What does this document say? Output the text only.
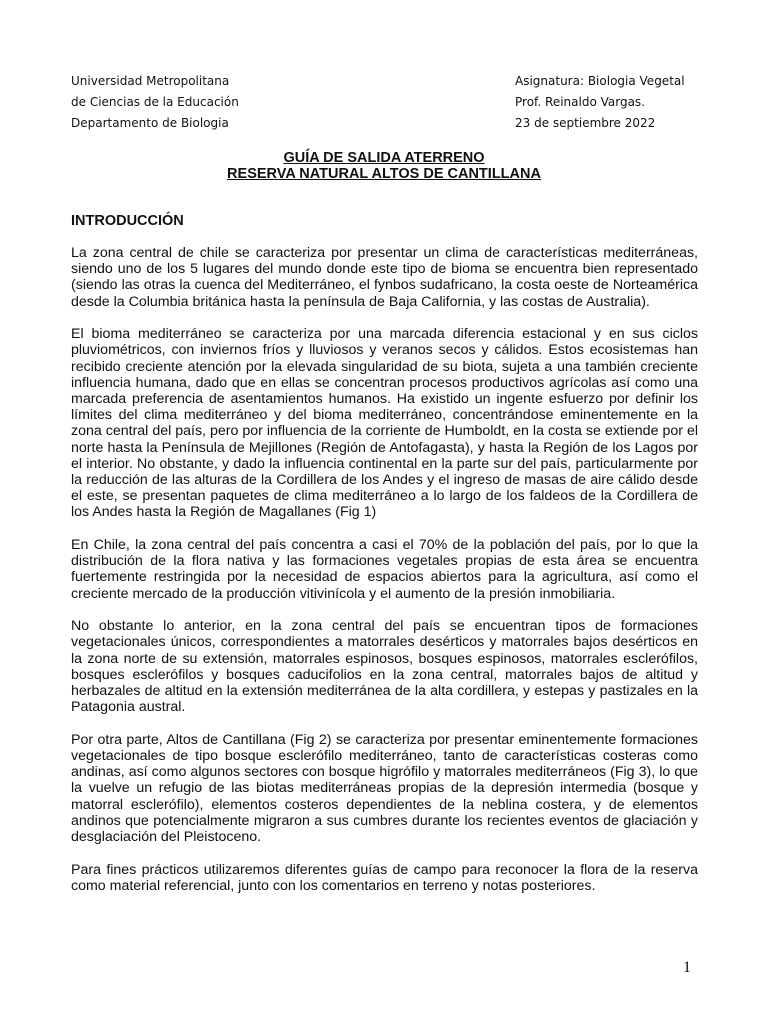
Universidad Metropolitana
de Ciencias de la Educación
Departamento de Biologia
Asignatura: Biologia Vegetal
Prof. Reinaldo Vargas.
23 de septiembre 2022
GUÍA DE SALIDA ATERRENO
RESERVA NATURAL ALTOS DE CANTILLANA
INTRODUCCIÓN

La zona central de chile se caracteriza por presentar un clima de características mediterráneas, siendo uno de los 5 lugares del mundo donde este tipo de bioma se encuentra bien representado (siendo las otras la cuenca del Mediterráneo, el fynbos sudafricano, la costa oeste de Norteamérica desde la Columbia británica hasta la península de Baja California, y las costas de Australia).

El bioma mediterráneo se caracteriza por una marcada diferencia estacional y en sus ciclos pluviométricos, con inviernos fríos y lluviosos y veranos secos y cálidos. Estos ecosistemas han recibido creciente atención por la elevada singularidad de su biota, sujeta a una también creciente influencia humana, dado que en ellas se concentran procesos productivos agrícolas así como una marcada preferencia de asentamientos humanos. Ha existido un ingente esfuerzo por definir los límites del clima mediterráneo y del bioma mediterráneo, concentrándose eminentemente en la zona central del país, pero por influencia de la corriente de Humboldt, en la costa se extiende por el norte hasta la Península de Mejillones (Región de Antofagasta), y hasta la Región de los Lagos por el interior. No obstante, y dado la influencia continental en la parte sur del país, particularmente por la reducción de las alturas de la Cordillera de los Andes y el ingreso de masas de aire cálido desde el este, se presentan paquetes de clima mediterráneo a lo largo de los faldeos de la Cordillera de los Andes hasta la Región de Magallanes (Fig 1)

En Chile, la zona central del país concentra a casi el 70% de la población del país, por lo que la distribución de la flora nativa y las formaciones vegetales propias de esta área se encuentra fuertemente restringida por la necesidad de espacios abiertos para la agricultura, así como el creciente mercado de la producción vitivinícola y el aumento de la presión inmobiliaria.

No obstante lo anterior, en la zona central del país se encuentran tipos de formaciones vegetacionales únicos, correspondientes a matorrales desérticos y matorrales bajos desérticos en la zona norte de su extensión, matorrales espinosos, bosques espinosos, matorrales esclerófilos, bosques esclerófilos y bosques caducifolios en la zona central, matorrales bajos de altitud y herbazales de altitud en la extensión mediterránea de la alta cordillera, y estepas y pastizales en la Patagonia austral.

Por otra parte, Altos de Cantillana (Fig 2) se caracteriza por presentar eminentemente formaciones vegetacionales de tipo bosque esclerófilo mediterráneo, tanto de características costeras como andinas, así como algunos sectores con bosque higrófilo y matorrales mediterráneos (Fig 3), lo que la vuelve un refugio de las biotas mediterráneas propias de la depresión intermedia (bosque y matorral esclerófilo), elementos costeros dependientes de la neblina costera, y de elementos andinos que potencialmente migraron a sus cumbres durante los recientes eventos de glaciación y desglaciación del Pleistoceno.

Para fines prácticos utilizaremos diferentes guías de campo para reconocer la flora de la reserva como material referencial, junto con los comentarios en terreno y notas posteriores.

1
